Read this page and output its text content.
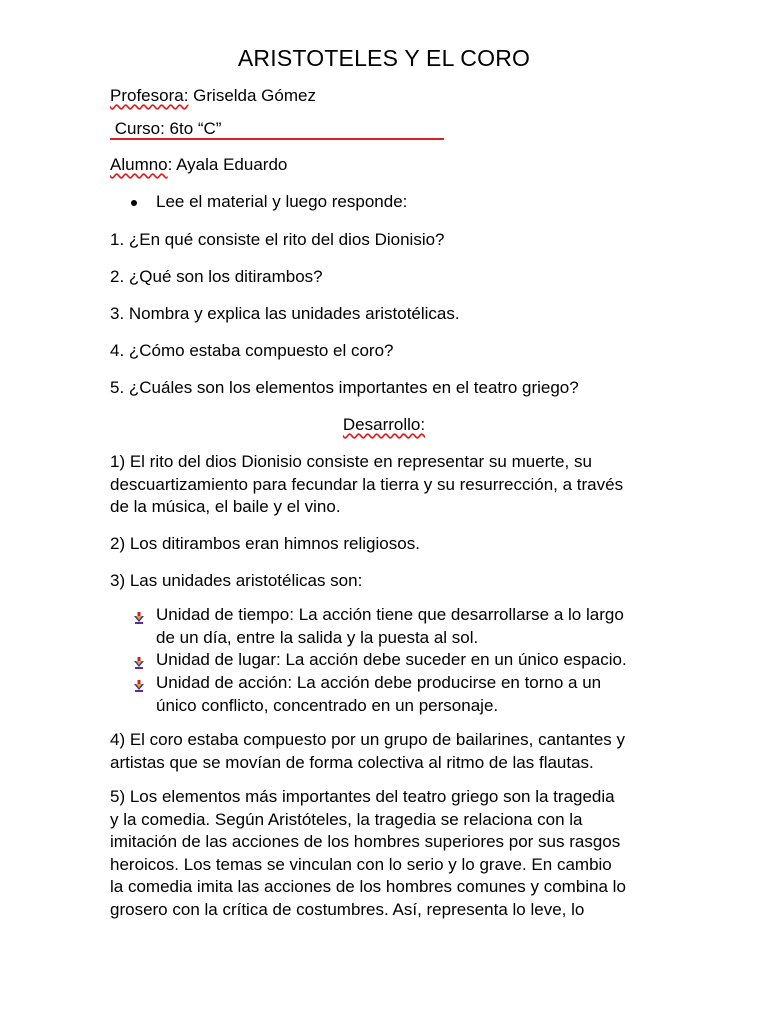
ARISTOTELES Y EL CORO
Profesora: Griselda Gómez
Curso: 6to “C”
Alumno: Ayala Eduardo
Lee el material y luego responde:
1. ¿En qué consiste el rito del dios Dionisio?
2. ¿Qué son los ditirambos?
3. Nombra y explica las unidades aristotélicas.
4. ¿Cómo estaba compuesto el coro?
5. ¿Cuáles son los elementos importantes en el teatro griego?
Desarrollo:
1) El rito del dios Dionisio consiste en representar su muerte, su
descuartizamiento para fecundar la tierra y su resurrección, a través
de la música, el baile y el vino.
2) Los ditirambos eran himnos religiosos.
3) Las unidades aristotélicas son:
Unidad de tiempo: La acción tiene que desarrollarse a lo largo
de un día, entre la salida y la puesta al sol.
Unidad de lugar: La acción debe suceder en un único espacio.
Unidad de acción: La acción debe producirse en torno a un
único conflicto, concentrado en un personaje.
4) El coro estaba compuesto por un grupo de bailarines, cantantes y
artistas que se movían de forma colectiva al ritmo de las flautas.
5) Los elementos más importantes del teatro griego son la tragedia
y la comedia. Según Aristóteles, la tragedia se relaciona con la
imitación de las acciones de los hombres superiores por sus rasgos
heroicos. Los temas se vinculan con lo serio y lo grave. En cambio
la comedia imita las acciones de los hombres comunes y combina lo
grosero con la crítica de costumbres. Así, representa lo leve, lo
